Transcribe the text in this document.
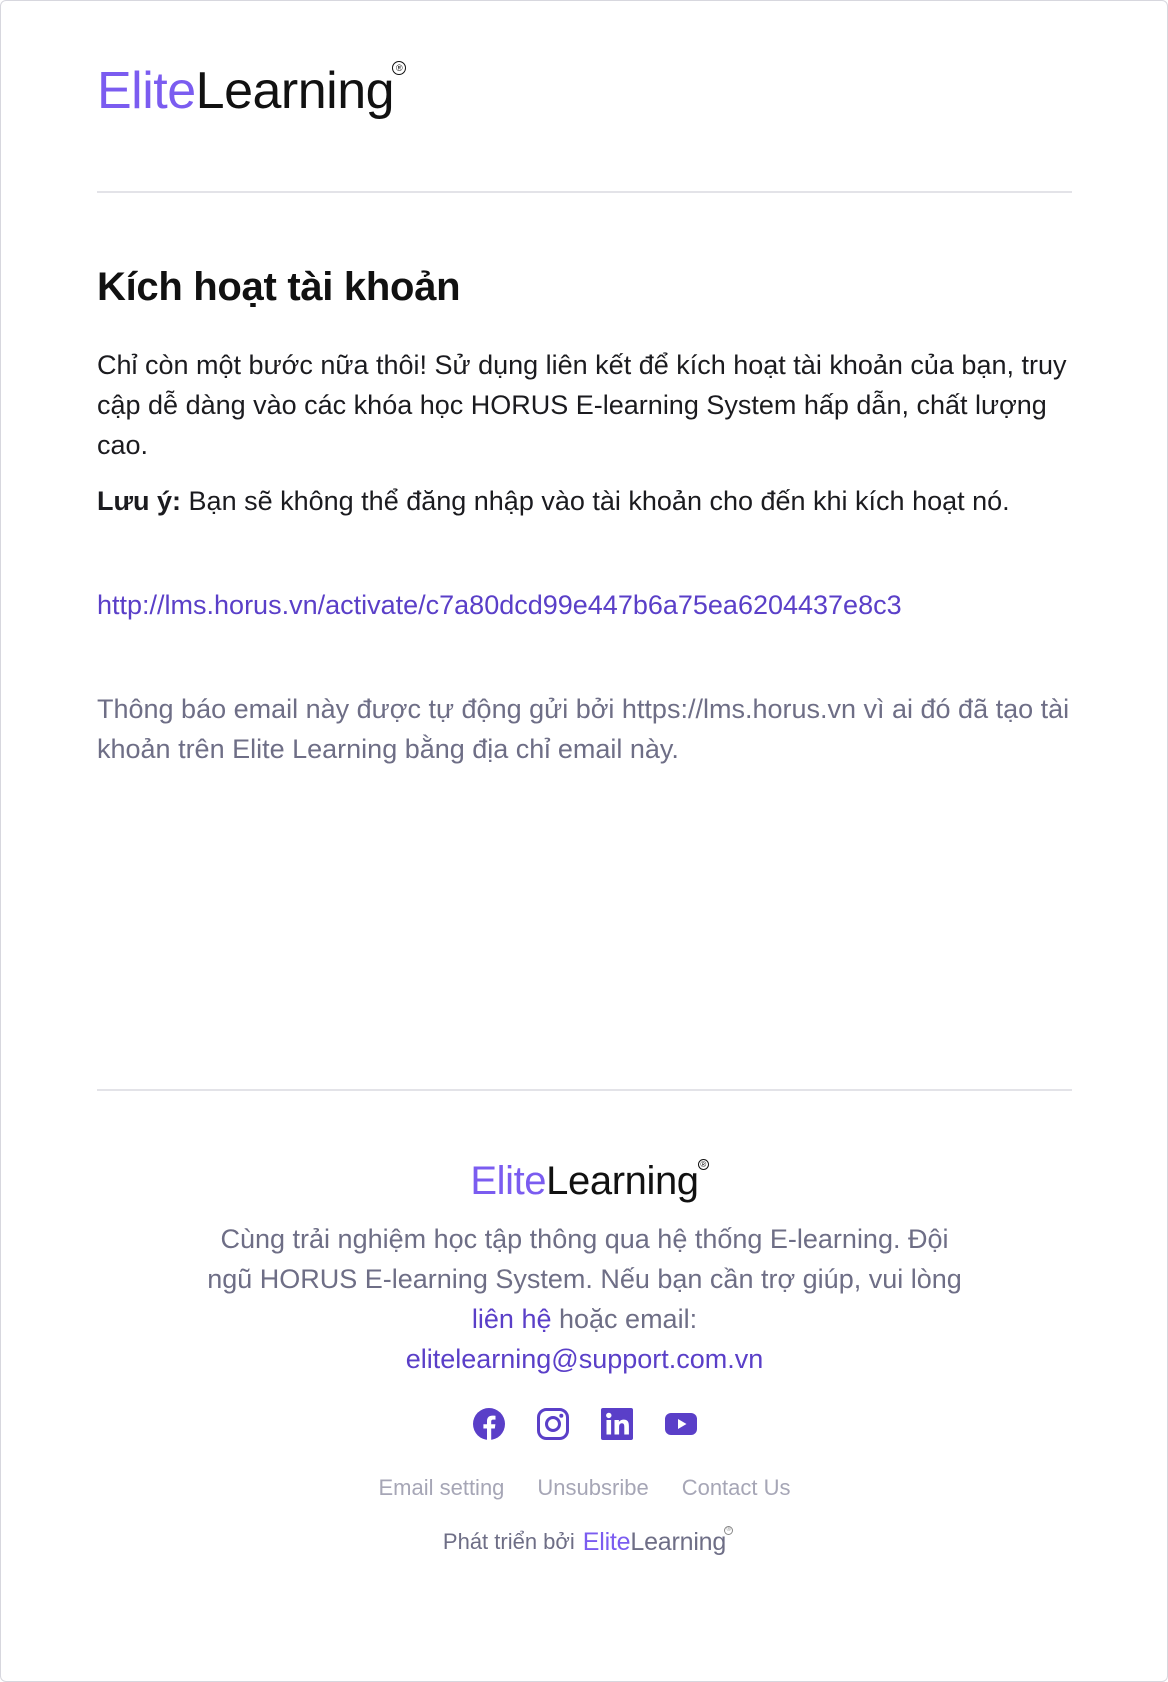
Elite Learning ®
Kích hoạt tài khoản

Chỉ còn một bước nữa thôi! Sử dụng liên kết để kích hoạt tài khoản của bạn, truy cập dễ dàng vào các khóa học HORUS E-learning System hấp dẫn, chất lượng cao.

Lưu ý: Bạn sẽ không thể đăng nhập vào tài khoản cho đến khi kích hoạt nó.

http://lms.horus.vn/activate/c7a80dcd99e447b6a75ea6204437e8c3

Thông báo email này được tự động gửi bởi https://lms.horus.vn vì ai đó đã tạo tài khoản trên Elite Learning bằng địa chỉ email này.

Elite Learning ®
Cùng trải nghiệm học tập thông qua hệ thống E-learning. Đội ngũ HORUS E-learning System. Nếu bạn cần trợ giúp, vui lòng liên hệ hoặc email:
elitelearning@support.com.vn
Email setting Unsubsribe Contact Us
Phát triển bởi Elite Learning ®
